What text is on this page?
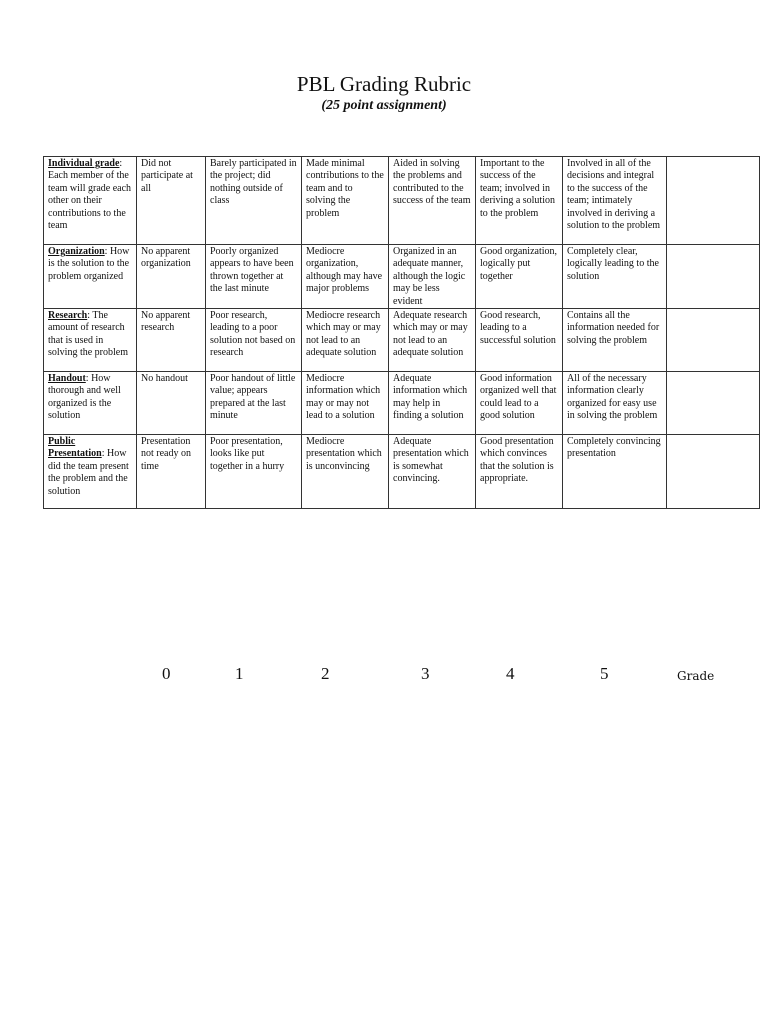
PBL Grading Rubric
(25 point assignment)
Individual grade: Each member of the team will grade each other on their contributions to the team	Did not participate at all	Barely participated in the project; did nothing outside of class	Made minimal contributions to the team and to solving the problem	Aided in solving the problems and contributed to the success of the team	Important to the success of the team; involved in deriving a solution to the problem	Involved in all of the decisions and integral to the success of the team; intimately involved in deriving a solution to the problem	
Organization: How is the solution to the problem organized	No apparent organization	Poorly organized appears to have been thrown together at the last minute	Mediocre organization, although may have major problems	Organized in an adequate manner, although the logic may be less evident	Good organization, logically put together	Completely clear, logically leading to the solution	
Research: The amount of research that is used in solving the problem	No apparent research	Poor research, leading to a poor solution not based on research	Mediocre research which may or may not lead to an adequate solution	Adequate research which may or may not lead to an adequate solution	Good research, leading to a successful solution	Contains all the information needed for solving the problem	
Handout: How thorough and well organized is the solution	No handout	Poor handout of little value; appears prepared at the last minute	Mediocre information which may or may not lead to a solution	Adequate information which may help in finding a solution	Good information organized well that could lead to a good solution	All of the necessary information clearly organized for easy use in solving the problem	
Public Presentation: How did the team present the problem and the solution	Presentation not ready on time	Poor presentation, looks like put together in a hurry	Mediocre presentation which is unconvincing	Adequate presentation which is somewhat convincing.	Good presentation which convinces that the solution is appropriate.	Completely convincing presentation	
0	1	2	3	4	5	Grade
